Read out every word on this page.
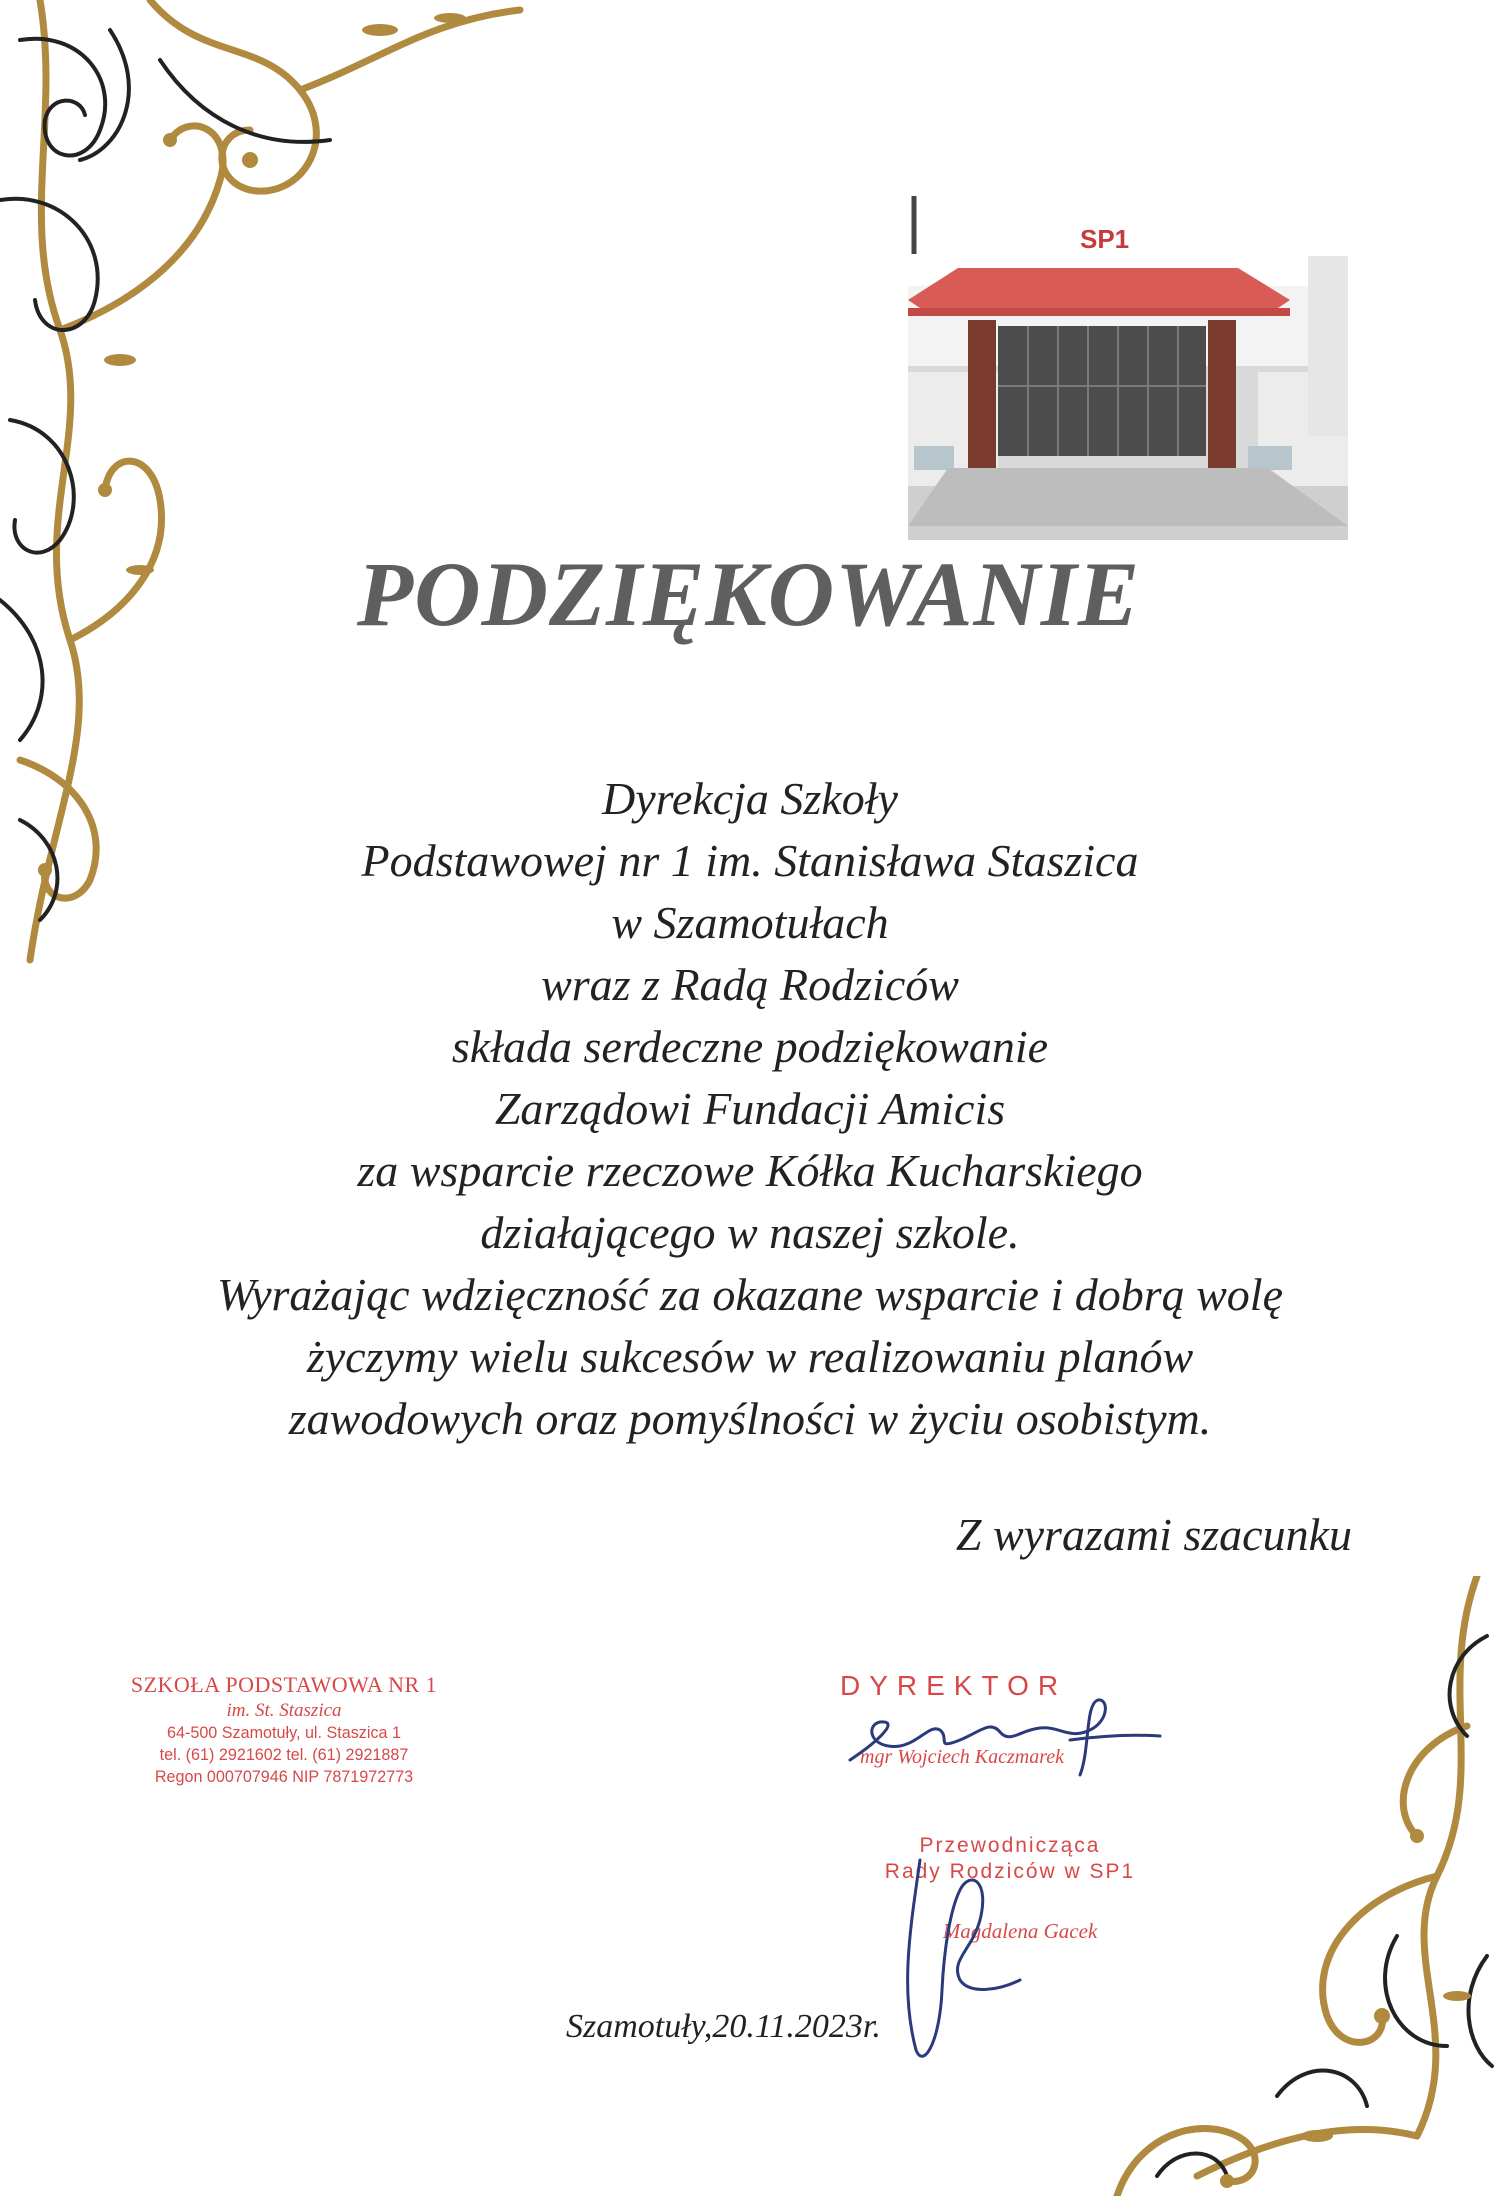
SP1
PODZIĘKOWANIE
Dyrekcja Szkoły
Podstawowej nr 1 im. Stanisława Staszica
w Szamotułach
wraz z Radą Rodziców
składa serdeczne podziękowanie
Zarządowi Fundacji Amicis
za wsparcie rzeczowe Kółka Kucharskiego
działającego w naszej szkole.
Wyrażając wdzięczność za okazane wsparcie i dobrą wolę
życzymy wielu sukcesów w realizowaniu planów
zawodowych oraz pomyślności w życiu osobistym.
Z wyrazami szacunku
SZKOŁA PODSTAWOWA NR 1
im. St. Staszica
64-500 Szamotuły, ul. Staszica 1
tel. (61) 2921602 tel. (61) 2921887
Regon 000707946 NIP 7871972773
DYREKTOR
mgr Wojciech Kaczmarek
Przewodnicząca
Rady Rodziców w SP1
Magdalena Gacek
Szamotuły,20.11.2023r.
